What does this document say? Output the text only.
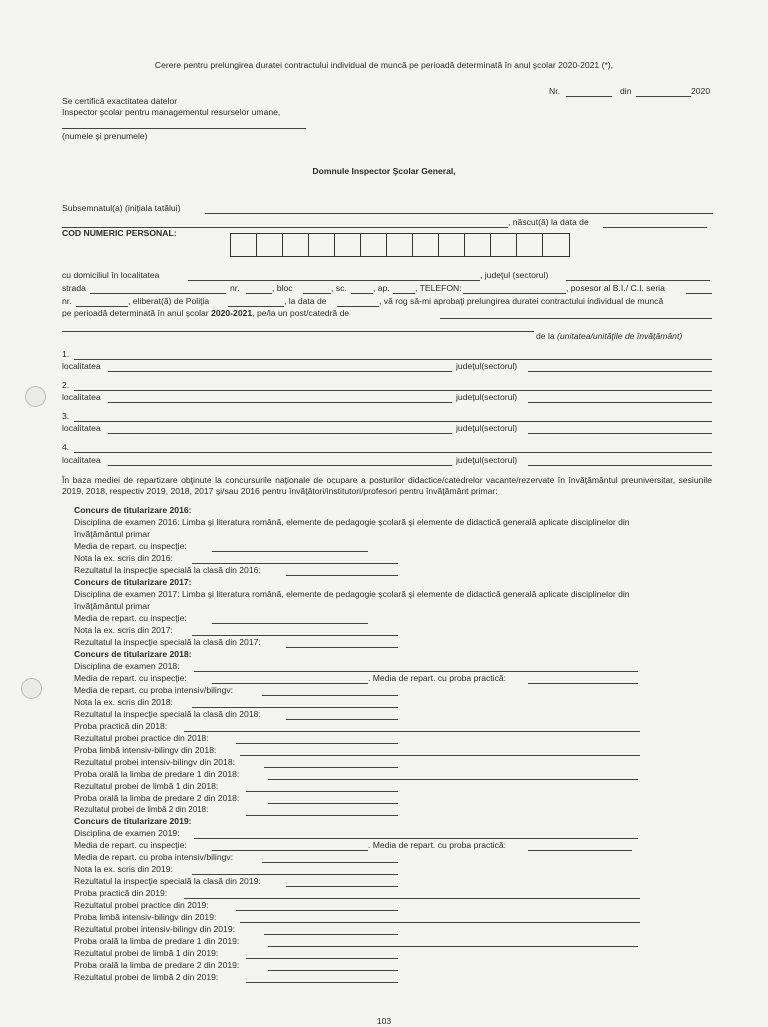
Cerere pentru prelungirea duratei contractului individual de muncă pe perioadă determinată în anul şcolar 2020-2021 (*),
Nr.	din	2020
Se certifică exactitatea datelor
Inspector şcolar pentru managementul resurselor umane,
(numele şi prenumele)
Domnule Inspector Şcolar General,
Subsemnatul(a) (iniţiala tatălui)
, născut(ă) la data de
COD NUMERIC PERSONAL:
cu domiciliul în localitatea	, judeţul (sectorul)
strada	nr.	, bloc	, sc.	, ap.	, TELEFON:	, posesor al B.I./ C.I. seria
nr.	, eliberat(ă) de Poliţia	, la data de	, vă rog să-mi aprobaţi prelungirea duratei contractului individual de muncă
pe perioadă determinată în anul şcolar 2020-2021, pe/la un post/catedră de
de la (unitatea/unităţile de învăţământ)
1.
localitatea	judeţul(sectorul)
2.
localitatea	judeţul(sectorul)
3.
localitatea	judeţul(sectorul)
4.
localitatea	judeţul(sectorul)
În baza mediei de repartizare obţinute la concursurile naţionale de ocupare a posturilor didactice/catedrelor vacante/rezervate în învăţământul preuniversitar, sesiunile 2019, 2018, respectiv 2019, 2018, 2017 şi/sau 2016 pentru învăţători/institutori/profesori pentru învăţământ primar:
Concurs de titularizare 2016:
Disciplina de examen 2016: Limba şi literatura română, elemente de pedagogie şcolară şi elemente de didactică generală aplicate disciplinelor din
învăţământul primar
Media de repart. cu inspecţie:
Nota la ex. scris din 2016:
Rezultatul la inspecţie specială la clasă din 2016:
Concurs de titularizare 2017:
Disciplina de examen 2017: Limba şi literatura română, elemente de pedagogie şcolară şi elemente de didactică generală aplicate disciplinelor din
învăţământul primar
Media de repart. cu inspecţie:
Nota la ex. scris din 2017:
Rezultatul la inspecţie specială la clasă din 2017:
Concurs de titularizare 2018:
Disciplina de examen 2018:
Media de repart. cu inspecţie:	. Media de repart. cu proba practică:
Media de repart. cu proba intensiv/bilingv:
Nota la ex. scris din 2018:
Rezultatul la inspecţie specială la clasă din 2018:
Proba practică din 2018:
Rezultatul probei practice din 2018:
Proba limbă intensiv-bilingv din 2018:
Rezultatul probei intensiv-bilingv din 2018:
Proba orală la limba de predare 1 din 2018:
Rezultatul probei de limbă 1 din 2018:
Proba orală la limba de predare 2 din 2018:
Rezultatul probei de limbă 2 din 2018:
Concurs de titularizare 2019:
Disciplina de examen 2019:
Media de repart. cu inspecţie:	. Media de repart. cu proba practică:
Media de repart. cu proba intensiv/bilingv:
Nota la ex. scris din 2019:
Rezultatul la inspecţie specială la clasă din 2019:
Proba practică din 2019:
Rezultatul probei practice din 2019:
Proba limbă intensiv-bilingv din 2019:
Rezultatul probei intensiv-bilingv din 2019:
Proba orală la limba de predare 1 din 2019:
Rezultatul probei de limbă 1 din 2019:
Proba orală la limba de predare 2 din 2019:
Rezultatul probei de limbă 2 din 2019:
103
